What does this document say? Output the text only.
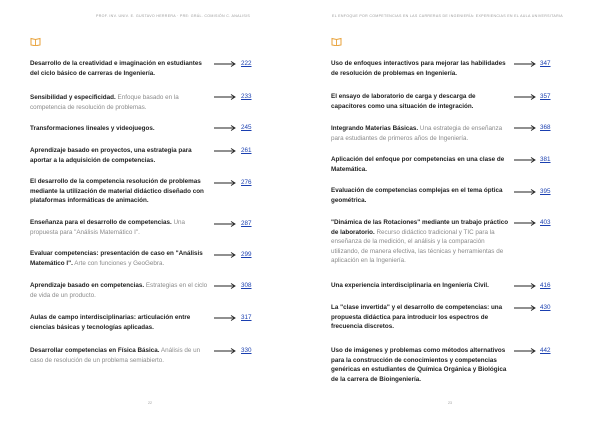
PROF. INV. UNIV. E. GUSTAVO HERRERA · PRE: GRÁL. COMISIÓN C. ANALISIS
Desarrollo de la creatividad e imaginación en estudiantes del ciclo básico de carreras de Ingeniería.
222
Sensibilidad y especificidad. Enfoque basado en la competencia de resolución de problemas.
233
Transformaciones lineales y videojuegos.	245
Aprendizaje basado en proyectos, una estrategia para aportar a la adquisición de competencias.
261
El desarrollo de la competencia resolución de problemas mediante la utilización de material didáctico diseñado con plataformas informáticas de animación.
276
Enseñanza para el desarrollo de competencias. Una propuesta para "Análisis Matemático I".
287
Evaluar competencias: presentación de caso en "Análisis Matemático I". Arte con funciones y GeoGebra.
299
Aprendizaje basado en competencias. Estrategias en el ciclo de vida de un producto.
308
Aulas de campo interdisciplinarias: articulación entre ciencias básicas y tecnologías aplicadas.
317
Desarrollar competencias en Física Básica. Análisis de un caso de resolución de un problema semiabierto.
330
22
EL ENFOQUE POR COMPETENCIAS EN LAS CARRERAS DE INGENIERÍA: EXPERIENCIAS EN EL AULA UNIVERSITARIA
Uso de enfoques interactivos para mejorar las habilidades de resolución de problemas en Ingeniería.
347
El ensayo de laboratorio de carga y descarga de capacitores como una situación de integración.
357
Integrando Materias Básicas. Una estrategia de enseñanza para estudiantes de primeros años de Ingeniería.
368
Aplicación del enfoque por competencias en una clase de Matemática.
381
Evaluación de competencias complejas en el tema óptica geométrica.
395
"Dinámica de las Rotaciones" mediante un trabajo práctico de laboratorio. Recurso didáctico tradicional y TIC para la enseñanza de la medición, el análisis y la comparación utilizando, de manera efectiva, las técnicas y herramientas de aplicación en la Ingeniería.
403
Una experiencia interdisciplinaria en Ingeniería Civil.	416
La "clase invertida" y el desarrollo de competencias: una propuesta didáctica para introducir los espectros de frecuencia discretos.
430
Uso de imágenes y problemas como métodos alternativos para la construcción de conocimientos y competencias genéricas en estudiantes de Química Orgánica y Biológica de la carrera de Bioingeniería.
442
23
